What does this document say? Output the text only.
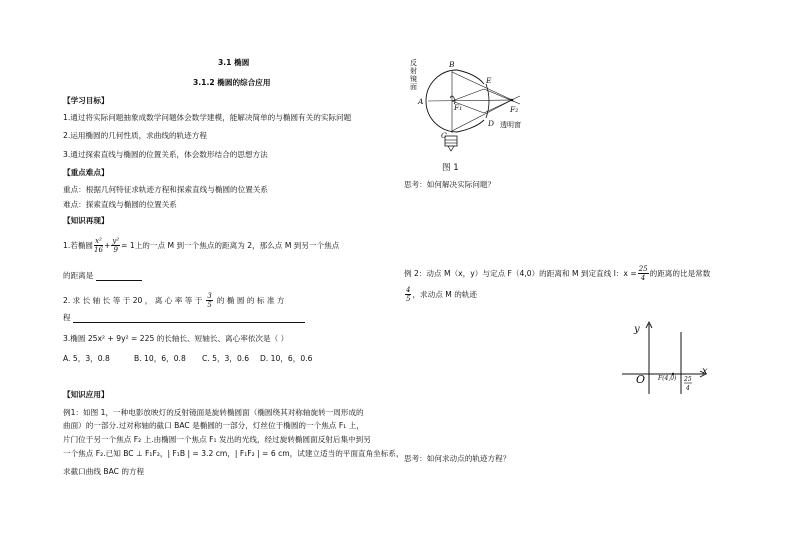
3.1 椭圆
3.1.2 椭圆的综合应用
【学习目标】
1.通过将实际问题抽象成数学问题体会数学建模，能解决简单的与椭圆有关的实际问题
2.运用椭圆的几何性质，求曲线的轨迹方程
3.通过探索直线与椭圆的位置关系，体会数形结合的思想方法
【重点难点】
重点：根据几何特征求轨迹方程和探索直线与椭圆的位置关系
难点：探索直线与椭圆的位置关系
【知识再现】
1.若椭圆 $\frac{\text{x²}}{16} + \frac{\text{y²}}{9} = 1$上的一点 M 到一个焦点的距离为 2，那么点 M 到另一个焦点
的距离是
2. 求 长 轴 长 等 于 20 ， 离 心 率 等 于 $\frac{3}{5}$ 的 椭 圆 的 标 准 方
程
3.椭圆 25x² + 9y² = 225 的长轴长、短轴长、离心率依次是（ ）
A. 5，3，0.8	B. 10，6，0.8 C. 5，3，0.6 D. 10，6，0.6
【知识应用】
例1：如图 1，一种电影放映灯的反射镜面是旋转椭圆面（椭圆绕其对称轴旋转一周形成的
曲面）的一部分.过对称轴的截口 BAC 是椭圆的一部分，灯丝位于椭圆的一个焦点 F₁ 上，
片门位于另一个焦点 F₂ 上.由椭圆一个焦点 F₁ 发出的光线，经过旋转椭圆面反射后集中到另
一个焦点 F₂.已知 BC ⊥ F₁F₂，| F₁B | = 3.2 cm，| F₁F₂ | = 6 cm，试建立适当的平面直角坐标系，
求截口曲线 BAC 的方程
B
A
C
F₁
E
D
F₂
反
射
镜
面
透明窗
图 1
思考：如何解决实际问题？
例 2：动点 M（x，y）与定点 F（4,0）的距离和 M 到定直线 l：$x = \frac{25}{4}$ 的距离的比是常数
$\frac{4}{5}$ ，求动点 M 的轨迹
y
x
O F(4,0) 25
4
思考：如何求动点的轨迹方程？
